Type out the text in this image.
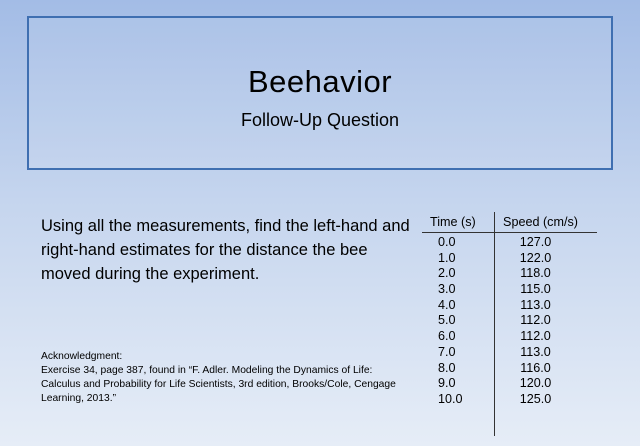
Beehavior
Follow-Up Question
Using all the measurements, find the left-hand and right-hand estimates for the distance the bee moved during the experiment.
Acknowledgment:
Exercise 34, page 387, found in “F. Adler. Modeling the Dynamics of Life: Calculus and Probability for Life Scientists, 3rd edition, Brooks/Cole, Cengage Learning, 2013.”
Time (s)	Speed (cm/s)
0.0	127.0
1.0	122.0
2.0	118.0
3.0	115.0
4.0	113.0
5.0	112.0
6.0	112.0
7.0	113.0
8.0	116.0
9.0	120.0
10.0	125.0
